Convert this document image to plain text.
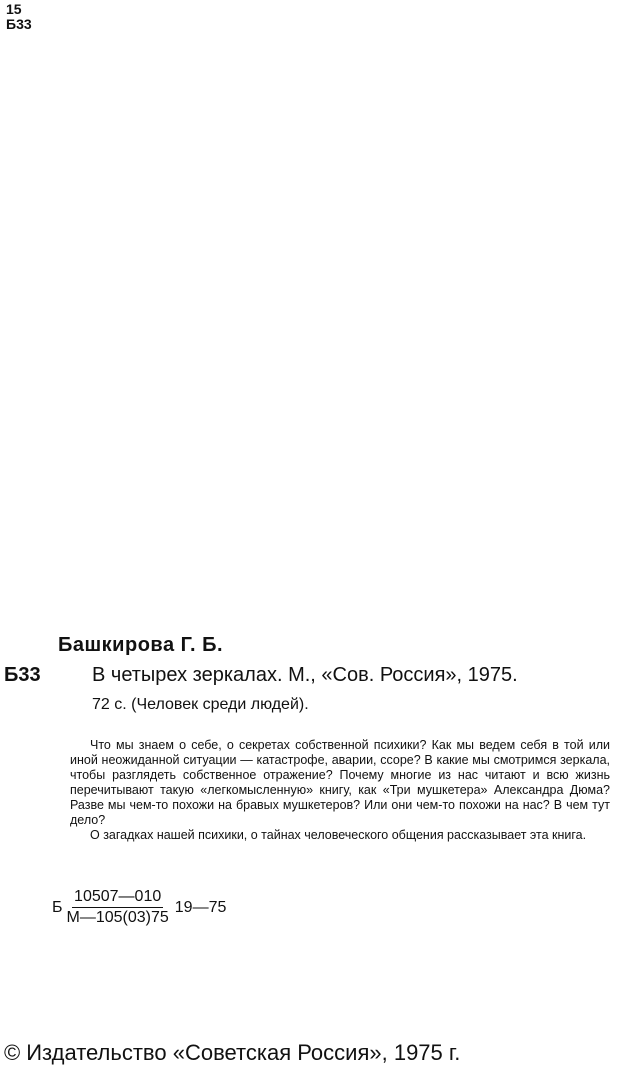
15
Б33
Башкирова Г. Б.
Б33	В четырех зеркалах. М., «Сов. Россия», 1975.
72 с. (Человек среди людей).

Что мы знаем о себе, о секретах собственной психики? Как мы ведем себя в той или иной неожиданной ситуации — катастрофе, аварии, ссоре? В какие мы смотримся зеркала, чтобы разглядеть собственное отражение? Почему многие из нас читают и всю жизнь перечитывают такую «легкомысленную» книгу, как «Три мушкетера» Александра Дюма? Разве мы чем-то похожи на бравых мушкетеров? Или они чем-то похожи на нас? В чем тут дело?

О загадках нашей психики, о тайнах человеческого общения рассказывает эта книга.

Б $\frac{10507—010}{М—105(03)75}$ 19—75
© Издательство «Советская Россия», 1975 г.
